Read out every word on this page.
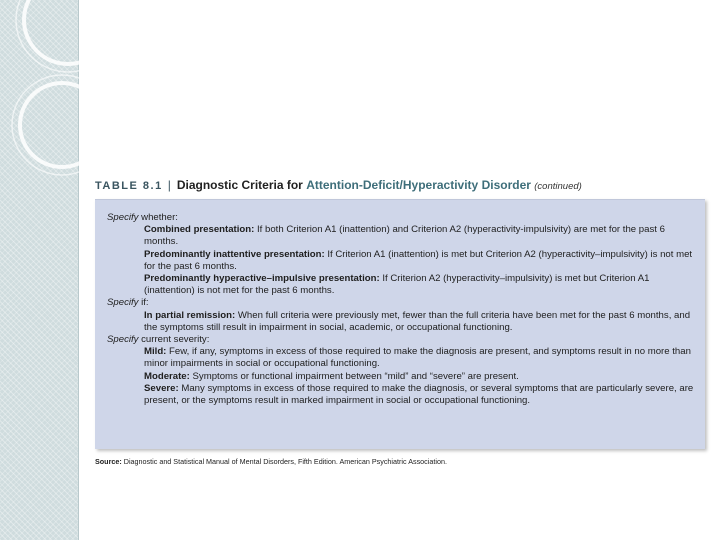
TABLE 8.1 | Diagnostic Criteria for Attention-Deficit/Hyperactivity Disorder (continued)

Specify whether:

Combined presentation: If both Criterion A1 (inattention) and Criterion A2 (hyperactivity-impulsivity) are met for the past 6 months.

Predominantly inattentive presentation: If Criterion A1 (inattention) is met but Criterion A2 (hyperactivity–impulsivity) is not met for the past 6 months.

Predominantly hyperactive–impulsive presentation: If Criterion A2 (hyperactivity–impulsivity) is met but Criterion A1 (inattention) is not met for the past 6 months.

Specify if:

In partial remission: When full criteria were previously met, fewer than the full criteria have been met for the past 6 months, and the symptoms still result in impairment in social, academic, or occupational functioning.

Specify current severity:

Mild: Few, if any, symptoms in excess of those required to make the diagnosis are present, and symptoms result in no more than minor impairments in social or occupational functioning.

Moderate: Symptoms or functional impairment between “mild” and “severe” are present.

Severe: Many symptoms in excess of those required to make the diagnosis, or several symptoms that are particularly severe, are present, or the symptoms result in marked impairment in social or occupational functioning.

Source: Diagnostic and Statistical Manual of Mental Disorders, Fifth Edition. American Psychiatric Association.
